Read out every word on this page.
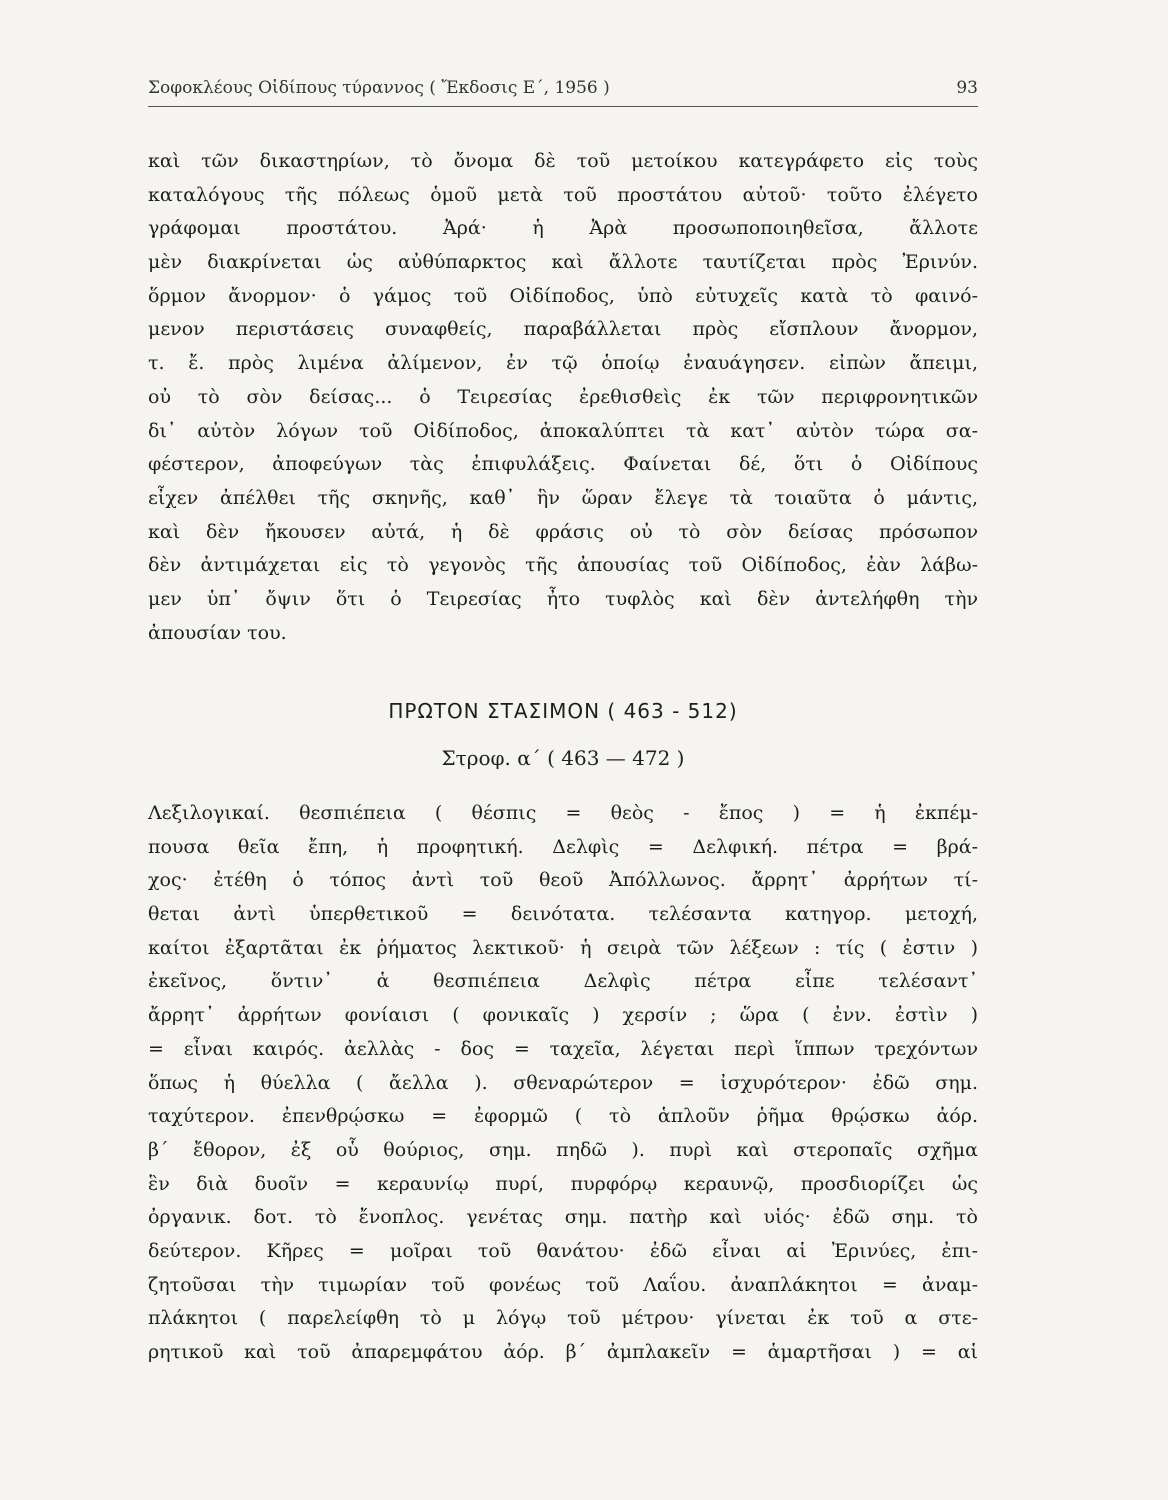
Σοφοκλέους Οἰδίπους τύραννος ( Ἔκδοσις Ε΄, 1956 )	93
καὶ τῶν δικαστηρίων, τὸ ὄνομα δὲ τοῦ μετοίκου κατεγράφετο εἰς τοὺς
καταλόγους τῆς πόλεως ὁμοῦ μετὰ τοῦ προστάτου αὐτοῦ· τοῦτο ἐλέγετο
γράφομαι προστάτου. Ἀρά· ἡ Ἀρὰ προσωποποιηθεῖσα, ἄλλοτε
μὲν διακρίνεται ὡς αὐθύπαρκτος καὶ ἄλλοτε ταυτίζεται πρὸς Ἐρινύν.
ὅρμον ἄνορμον· ὁ γάμος τοῦ Οἰδίποδος, ὑπὸ εὐτυχεῖς κατὰ τὸ φαινό-
μενον περιστάσεις συναφθείς, παραβάλλεται πρὸς εἴσπλουν ἄνορμον,
τ. ἔ. πρὸς λιμένα ἀλίμενον, ἐν τῷ ὁποίῳ ἐναυάγησεν. εἰπὼν ἄπειμι,
οὐ τὸ σὸν δείσας... ὁ Τειρεσίας ἐρεθισθεὶς ἐκ τῶν περιφρονητικῶν
δι᾽ αὐτὸν λόγων τοῦ Οἰδίποδος, ἀποκαλύπτει τὰ κατ᾽ αὐτὸν τώρα σα-
φέστερον, ἀποφεύγων τὰς ἐπιφυλάξεις. Φαίνεται δέ, ὅτι ὁ Οἰδίπους
εἶχεν ἀπέλθει τῆς σκηνῆς, καθ᾽ ἣν ὥραν ἔλεγε τὰ τοιαῦτα ὁ μάντις,
καὶ δὲν ἤκουσεν αὐτά, ἡ δὲ φράσις οὐ τὸ σὸν δείσας πρόσωπον
δὲν ἀντιμάχεται εἰς τὸ γεγονὸς τῆς ἀπουσίας τοῦ Οἰδίποδος, ἐὰν λάβω-
μεν ὑπ᾽ ὄψιν ὅτι ὁ Τειρεσίας ἦτο τυφλὸς καὶ δὲν ἀντελήφθη τὴν
ἀπουσίαν του.
ΠΡΩΤΟΝ ΣΤΑΣΙΜΟΝ ( 463 - 512)
Στροφ. α΄ ( 463 — 472 )
Λεξιλογικαί. θεσπιέπεια ( θέσπις = θεὸς - ἔπος ) = ἡ ἐκπέμ-
πουσα θεῖα ἔπη, ἡ προφητική. Δελφὶς = Δελφική. πέτρα = βρά-
χος· ἐτέθη ὁ τόπος ἀντὶ τοῦ θεοῦ Ἀπόλλωνος. ἄρρητ᾽ ἀρρήτων τί-
θεται ἀντὶ ὑπερθετικοῦ = δεινότατα. τελέσαντα κατηγορ. μετοχή,
καίτοι ἐξαρτᾶται ἐκ ῥήματος λεκτικοῦ· ἡ σειρὰ τῶν λέξεων : τίς ( ἐστιν )
ἐκεῖνος, ὅντιν᾽ ἁ θεσπιέπεια Δελφὶς πέτρα εἶπε τελέσαντ᾽
ἄρρητ᾽ ἀρρήτων φονίαισι ( φονικαῖς ) χερσίν ; ὥρα ( ἐνν. ἐστὶν )
= εἶναι καιρός. ἀελλὰς - δος = ταχεῖα, λέγεται περὶ ἵππων τρεχόντων
ὅπως ἡ θύελλα ( ἄελλα ). σθεναρώτερον = ἰσχυρότερον· ἐδῶ σημ.
ταχύτερον. ἐπενθρῴσκω = ἐφορμῶ ( τὸ ἁπλοῦν ῥῆμα θρῴσκω ἀόρ.
β΄ ἔθορον, ἐξ οὗ θούριος, σημ. πηδῶ ). πυρὶ καὶ στεροπαῖς σχῆμα
ἓν διὰ δυοῖν = κεραυνίῳ πυρί, πυρφόρῳ κεραυνῷ, προσδιορίζει ὡς
ὀργανικ. δοτ. τὸ ἔνοπλος. γενέτας σημ. πατὴρ καὶ υἱός· ἐδῶ σημ. τὸ
δεύτερον. Κῆρες = μοῖραι τοῦ θανάτου· ἐδῶ εἶναι αἱ Ἐρινύες, ἐπι-
ζητοῦσαι τὴν τιμωρίαν τοῦ φονέως τοῦ Λαΐου. ἀναπλάκητοι = ἀναμ-
πλάκητοι ( παρελείφθη τὸ μ λόγῳ τοῦ μέτρου· γίνεται ἐκ τοῦ α στε-
ρητικοῦ καὶ τοῦ ἀπαρεμφάτου ἀόρ. β΄ ἀμπλακεῖν = ἁμαρτῆσαι ) = αἱ
